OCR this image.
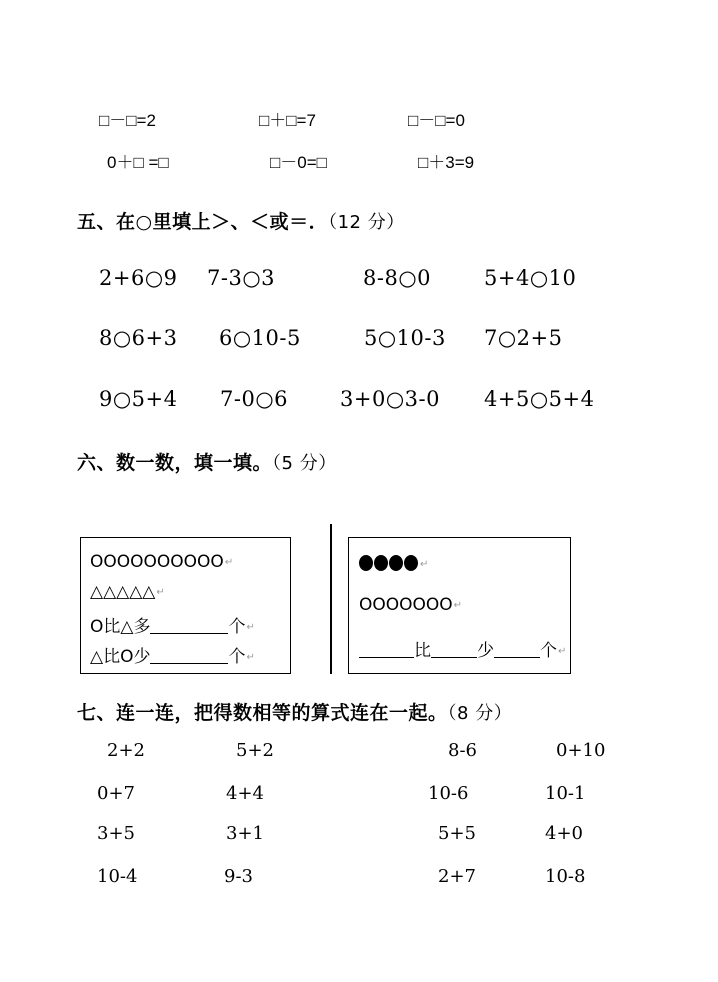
□－□=2	□＋□=7	□－□=0
0＋□ =□	□－0=□	□＋3=9
五、在○里填上＞、＜或＝．（12 分）
2+6○9 7-3○3	8-8○0	5+4○10
8○6+3 6○10-5	5○10-3 7○2+5
9○5+4 7-0○6 3+0○3-0 4+5○5+4
六、数一数，填一填。（5 分）
OOOOOOOOOO↵
△△△△△↵
O比△多	个↵
△比O少	个↵
↵
OOOOOOO↵
比	少	个↵
七、连一连，把得数相等的算式连在一起。（8 分）
2+2	5+2	8-6	0+10
0+7	4+4	10-6	10-1
3+5	3+1	5+5	4+0
10-4	9-3	2+7	10-8
